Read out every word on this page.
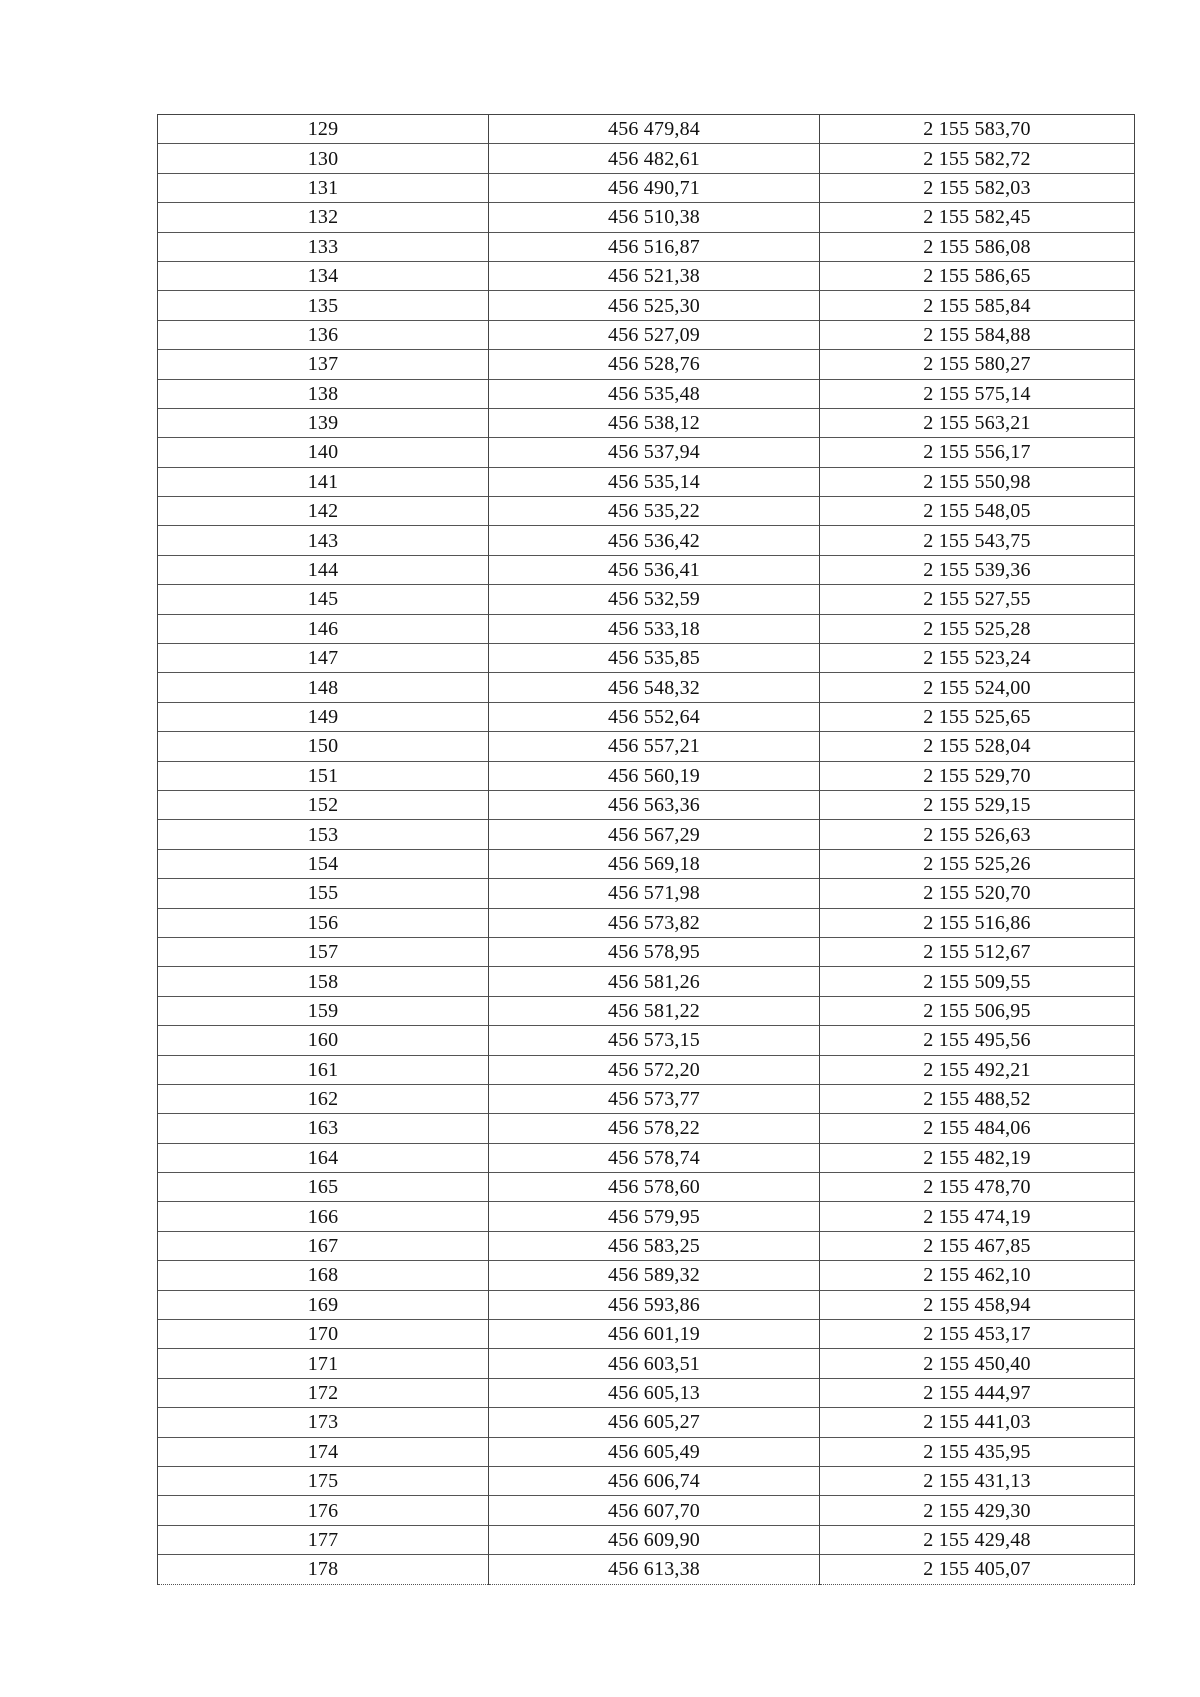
129	456 479,84	2 155 583,70
130	456 482,61	2 155 582,72
131	456 490,71	2 155 582,03
132	456 510,38	2 155 582,45
133	456 516,87	2 155 586,08
134	456 521,38	2 155 586,65
135	456 525,30	2 155 585,84
136	456 527,09	2 155 584,88
137	456 528,76	2 155 580,27
138	456 535,48	2 155 575,14
139	456 538,12	2 155 563,21
140	456 537,94	2 155 556,17
141	456 535,14	2 155 550,98
142	456 535,22	2 155 548,05
143	456 536,42	2 155 543,75
144	456 536,41	2 155 539,36
145	456 532,59	2 155 527,55
146	456 533,18	2 155 525,28
147	456 535,85	2 155 523,24
148	456 548,32	2 155 524,00
149	456 552,64	2 155 525,65
150	456 557,21	2 155 528,04
151	456 560,19	2 155 529,70
152	456 563,36	2 155 529,15
153	456 567,29	2 155 526,63
154	456 569,18	2 155 525,26
155	456 571,98	2 155 520,70
156	456 573,82	2 155 516,86
157	456 578,95	2 155 512,67
158	456 581,26	2 155 509,55
159	456 581,22	2 155 506,95
160	456 573,15	2 155 495,56
161	456 572,20	2 155 492,21
162	456 573,77	2 155 488,52
163	456 578,22	2 155 484,06
164	456 578,74	2 155 482,19
165	456 578,60	2 155 478,70
166	456 579,95	2 155 474,19
167	456 583,25	2 155 467,85
168	456 589,32	2 155 462,10
169	456 593,86	2 155 458,94
170	456 601,19	2 155 453,17
171	456 603,51	2 155 450,40
172	456 605,13	2 155 444,97
173	456 605,27	2 155 441,03
174	456 605,49	2 155 435,95
175	456 606,74	2 155 431,13
176	456 607,70	2 155 429,30
177	456 609,90	2 155 429,48
178	456 613,38	2 155 405,07
